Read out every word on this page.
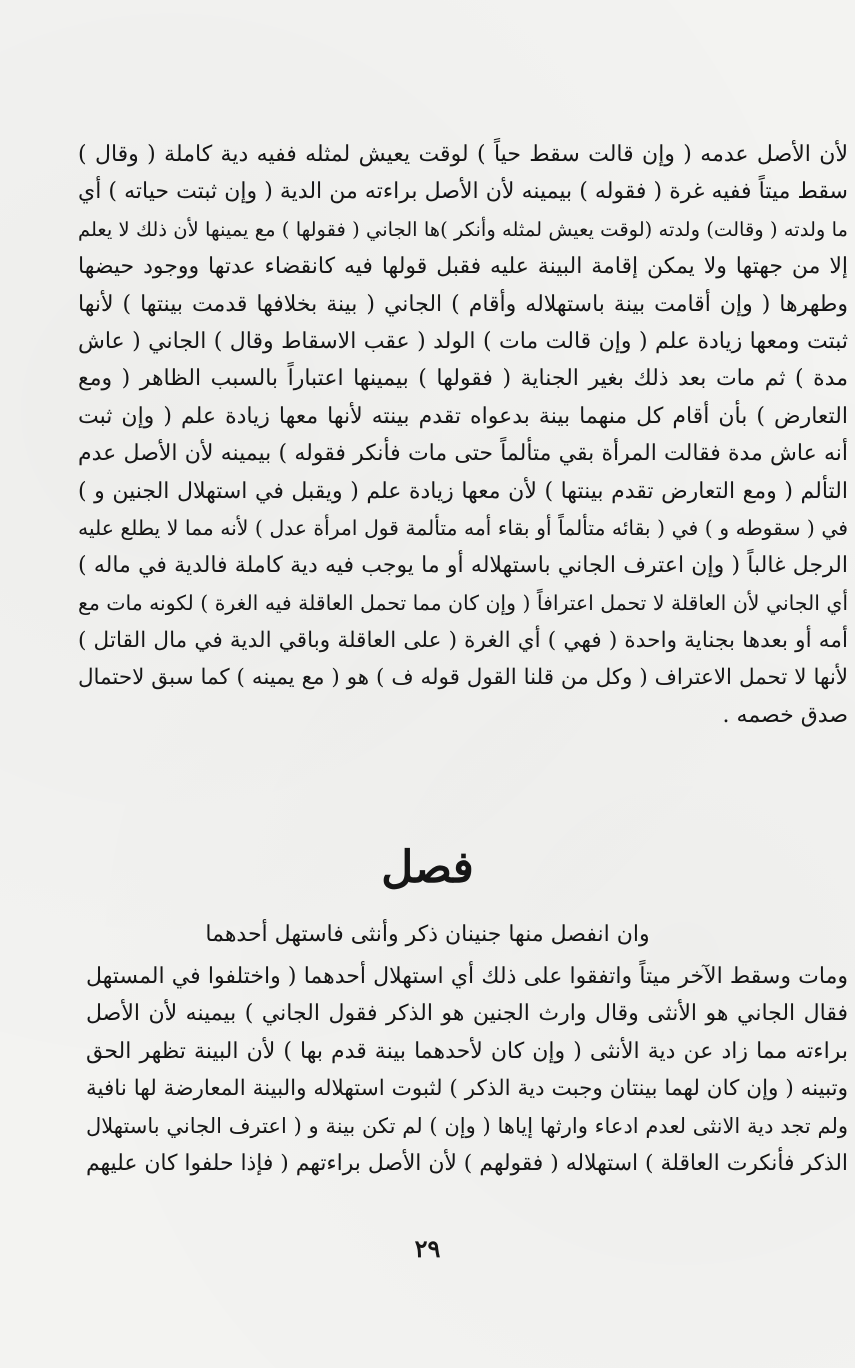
لأن الأصل عدمه ( وإن قالت سقط حياً ) لوقت يعيش لمثله ففيه دية كاملة ( وقال )
سقط ميتاً ففيه غرة ( فقوله ) بيمينه لأن الأصل براءته من الدية ( وإن ثبتت حياته ) أي
ما ولدته ( وقالت) ولدته (لوقت يعيش لمثله وأنكر )ها الجاني ( فقولها ) مع يمينها لأن ذلك لا يعلم
إلا من جهتها ولا يمكن إقامة البينة عليه فقبل قولها فيه كانقضاء عدتها ووجود حيضها
وطهرها ( وإن أقامت بينة باستهلاله وأقام ) الجاني ( بينة بخلافها قدمت بينتها ) لأنها
ثبتت ومعها زيادة علم ( وإن قالت مات ) الولد ( عقب الاسقاط وقال ) الجاني ( عاش
مدة ) ثم مات بعد ذلك بغير الجناية ( فقولها ) بيمينها اعتباراً بالسبب الظاهر ( ومع
التعارض ) بأن أقام كل منهما بينة بدعواه تقدم بينته لأنها معها زيادة علم ( وإن ثبت
أنه عاش مدة فقالت المرأة بقي متألماً حتى مات فأنكر فقوله ) بيمينه لأن الأصل عدم
التألم ( ومع التعارض تقدم بينتها ) لأن معها زيادة علم ( ويقبل في استهلال الجنين و )
في ( سقوطه و ) في ( بقائه متألماً أو بقاء أمه متألمة قول امرأة عدل ) لأنه مما لا يطلع عليه
الرجل غالباً ( وإن اعترف الجاني باستهلاله أو ما يوجب فيه دية كاملة فالدية في ماله )
أي الجاني لأن العاقلة لا تحمل اعترافاً ( وإن كان مما تحمل العاقلة فيه الغرة ) لكونه مات مع
أمه أو بعدها بجناية واحدة ( فهي ) أي الغرة ( على العاقلة وباقي الدية في مال القاتل )
لأنها لا تحمل الاعتراف ( وكل من قلنا القول قوله ف ) هو ( مع يمينه ) كما سبق لاحتمال
صدق خصمه .
فصل
وان انفصل منها جنينان ذكر وأنثى فاستهل أحدهما
ومات وسقط الآخر ميتاً واتفقوا على ذلك أي استهلال أحدهما ( واختلفوا في المستهل
فقال الجاني هو الأنثى وقال وارث الجنين هو الذكر فقول الجاني ) بيمينه لأن الأصل
براءته مما زاد عن دية الأنثى ( وإن كان لأحدهما بينة قدم بها ) لأن البينة تظهر الحق
وتبينه ( وإن كان لهما بينتان وجبت دية الذكر ) لثبوت استهلاله والبينة المعارضة لها نافية
ولم تجد دية الانثى لعدم ادعاء وارثها إياها ( وإن ) لم تكن بينة و ( اعترف الجاني باستهلال
الذكر فأنكرت العاقلة ) استهلاله ( فقولهم ) لأن الأصل براءتهم ( فإذا حلفوا كان عليهم
٢٩
